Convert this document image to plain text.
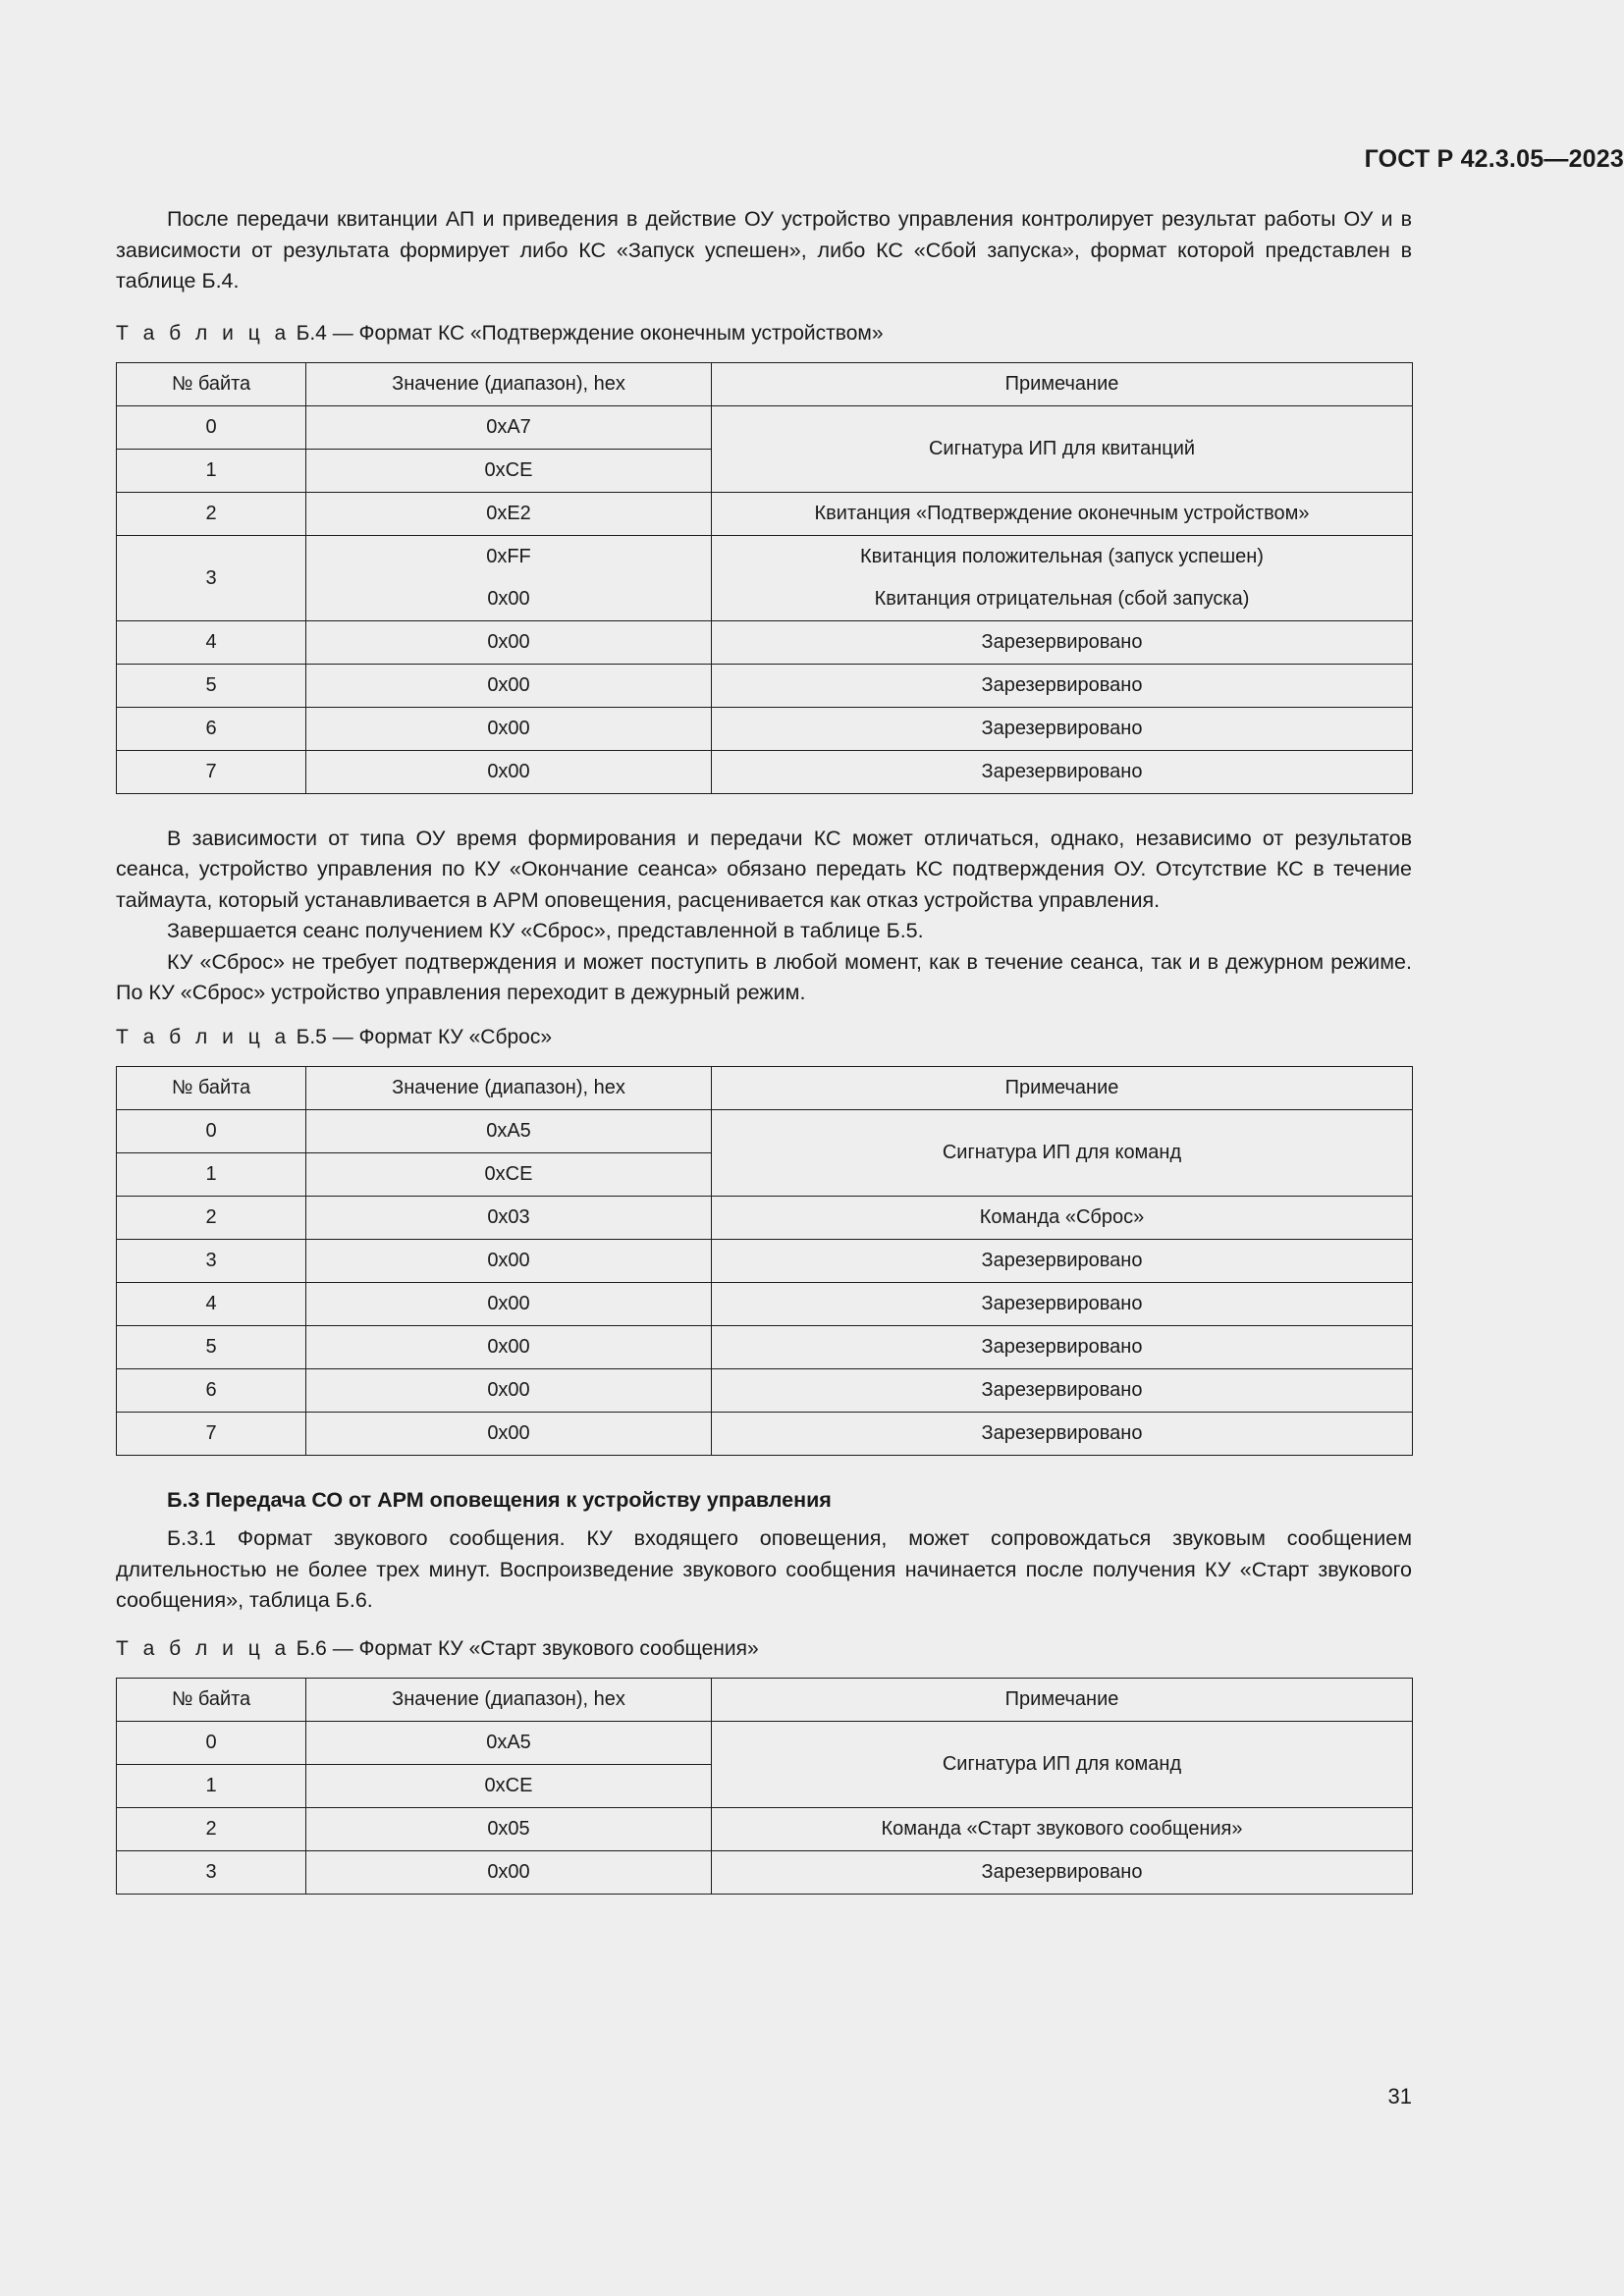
ГОСТ Р 42.3.05—2023

После передачи квитанции АП и приведения в действие ОУ устройство управления контролирует результат работы ОУ и в зависимости от результата формирует либо КС «Запуск успешен», либо КС «Сбой запуска», формат которой представлен в таблице Б.4.

Т а б л и ц а Б.4 — Формат КС «Подтверждение оконечным устройством»

№ байта	Значение (диапазон), hex	Примечание
0	0xA7	Сигнатура ИП для квитанций
1	0xCE	
2	0xE2	Квитанция «Подтверждение оконечным устройством»
3	0xFF	Квитанция положительная (запуск успешен)
	0x00	Квитанция отрицательная (сбой запуска)
4	0x00	Зарезервировано
5	0x00	Зарезервировано
6	0x00	Зарезервировано
7	0x00	Зарезервировано

В зависимости от типа ОУ время формирования и передачи КС может отличаться, однако, независимо от результатов сеанса, устройство управления по КУ «Окончание сеанса» обязано передать КС подтверждения ОУ. Отсутствие КС в течение таймаута, который устанавливается в АРМ оповещения, расценивается как отказ устройства управления.

Завершается сеанс получением КУ «Сброс», представленной в таблице Б.5.

КУ «Сброс» не требует подтверждения и может поступить в любой момент, как в течение сеанса, так и в дежурном режиме. По КУ «Сброс» устройство управления переходит в дежурный режим.

Т а б л и ц а Б.5 — Формат КУ «Сброс»

№ байта	Значение (диапазон), hex	Примечание
0	0xA5	Сигнатура ИП для команд
1	0xCE	
2	0x03	Команда «Сброс»
3	0x00	Зарезервировано
4	0x00	Зарезервировано
5	0x00	Зарезервировано
6	0x00	Зарезервировано
7	0x00	Зарезервировано

Б.3 Передача СО от АРМ оповещения к устройству управления

Б.3.1 Формат звукового сообщения. КУ входящего оповещения, может сопровождаться звуковым сообщением длительностью не более трех минут. Воспроизведение звукового сообщения начинается после получения КУ «Старт звукового сообщения», таблица Б.6.

Т а б л и ц а Б.6 — Формат КУ «Старт звукового сообщения»

№ байта	Значение (диапазон), hex	Примечание
0	0xA5	Сигнатура ИП для команд
1	0xCE	
2	0x05	Команда «Старт звукового сообщения»
3	0x00	Зарезервировано
31
